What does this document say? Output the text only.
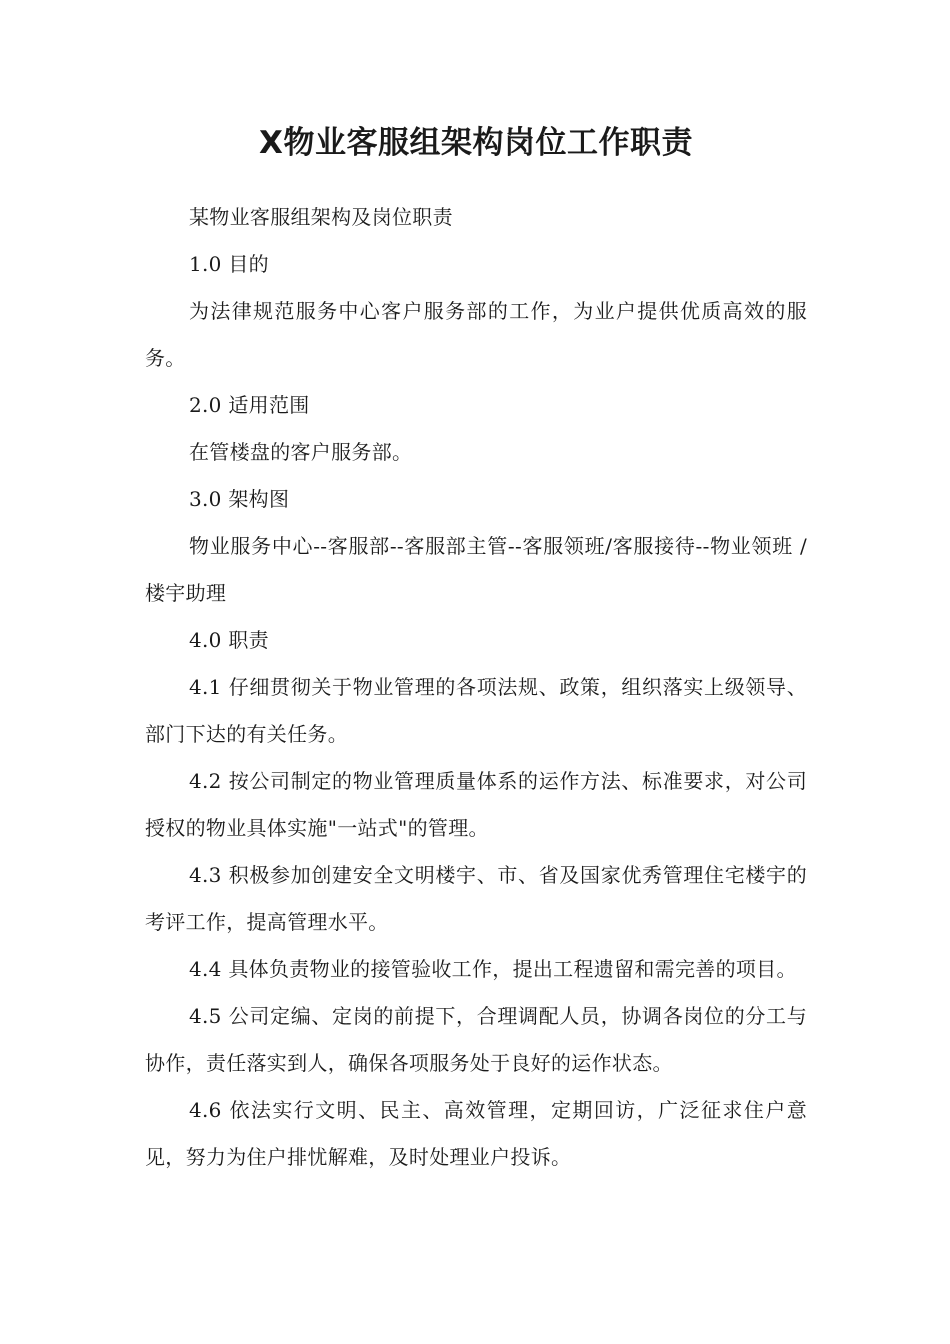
X物业客服组架构岗位工作职责

某物业客服组架构及岗位职责

1.0 目的

为法律规范服务中心客户服务部的工作，为业户提供优质高效的服务。

2.0 适用范围

在管楼盘的客户服务部。

3.0 架构图

物业服务中心--客服部--客服部主管--客服领班/客服接待--物业领班 /楼宇助理

4.0 职责

4.1 仔细贯彻关于物业管理的各项法规、政策，组织落实上级领导、部门下达的有关任务。

4.2 按公司制定的物业管理质量体系的运作方法、标准要求，对公司授权的物业具体实施"一站式"的管理。

4.3 积极参加创建安全文明楼宇、市、省及国家优秀管理住宅楼宇的考评工作，提高管理水平。

4.4 具体负责物业的接管验收工作，提出工程遗留和需完善的项目。

4.5 公司定编、定岗的前提下，合理调配人员，协调各岗位的分工与协作，责任落实到人，确保各项服务处于良好的运作状态。

4.6 依法实行文明、民主、高效管理，定期回访，广泛征求住户意见，努力为住户排忧解难，及时处理业户投诉。
